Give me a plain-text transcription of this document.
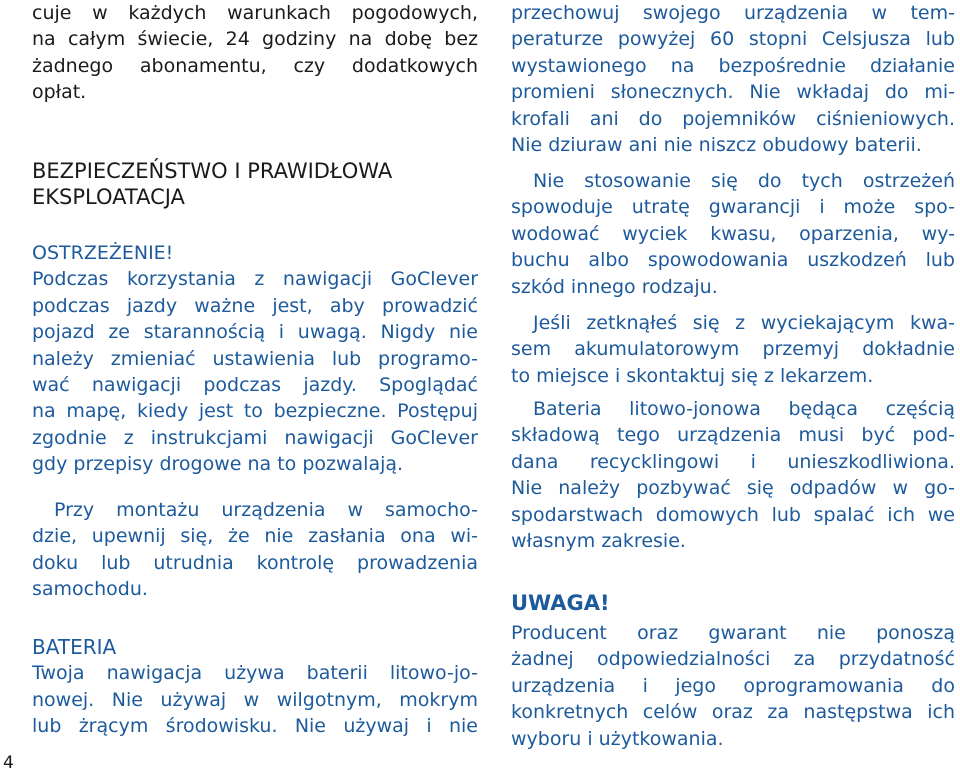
4
cuje w każdych warunkach pogodowych,
na całym świecie, 24 godziny na dobę bez
żadnego abonamentu, czy dodatkowych
opłat.
BEZPIECZEŃSTWO I PRAWIDŁOWA
EKSPLOATACJA
OSTRZEŻENIE!
Podczas korzystania z nawigacji GoClever
podczas jazdy ważne jest, aby prowadzić
pojazd ze starannością i uwagą. Nigdy nie
należy zmieniać ustawienia lub programo-
wać nawigacji podczas jazdy. Spoglądać
na mapę, kiedy jest to bezpieczne. Postępuj
zgodnie z instrukcjami nawigacji GoClever
gdy przepisy drogowe na to pozwalają.
Przy montażu urządzenia w samocho-
dzie, upewnij się, że nie zasłania ona wi-
doku lub utrudnia kontrolę prowadzenia
samochodu.
BATERIA
Twoja nawigacja używa baterii litowo-jo-
nowej. Nie używaj w wilgotnym, mokrym
lub żrącym środowisku. Nie używaj i nie
przechowuj swojego urządzenia w tem-
peraturze powyżej 60 stopni Celsjusza lub
wystawionego na bezpośrednie działanie
promieni słonecznych. Nie wkładaj do mi-
krofali ani do pojemników ciśnieniowych.
Nie dziuraw ani nie niszcz obudowy baterii.
Nie stosowanie się do tych ostrzeżeń
spowoduje utratę gwarancji i może spo-
wodować wyciek kwasu, oparzenia, wy-
buchu albo spowodowania uszkodzeń lub
szkód innego rodzaju.
Jeśli zetknąłeś się z wyciekającym kwa-
sem akumulatorowym przemyj dokładnie
to miejsce i skontaktuj się z lekarzem.
Bateria litowo-jonowa będąca częścią
składową tego urządzenia musi być pod-
dana recycklingowi i unieszkodliwiona.
Nie należy pozbywać się odpadów w go-
spodarstwach domowych lub spalać ich we
własnym zakresie.
UWAGA!
Producent oraz gwarant nie ponoszą
żadnej odpowiedzialności za przydatność
urządzenia i jego oprogramowania do
konkretnych celów oraz za następstwa ich
wyboru i użytkowania.
